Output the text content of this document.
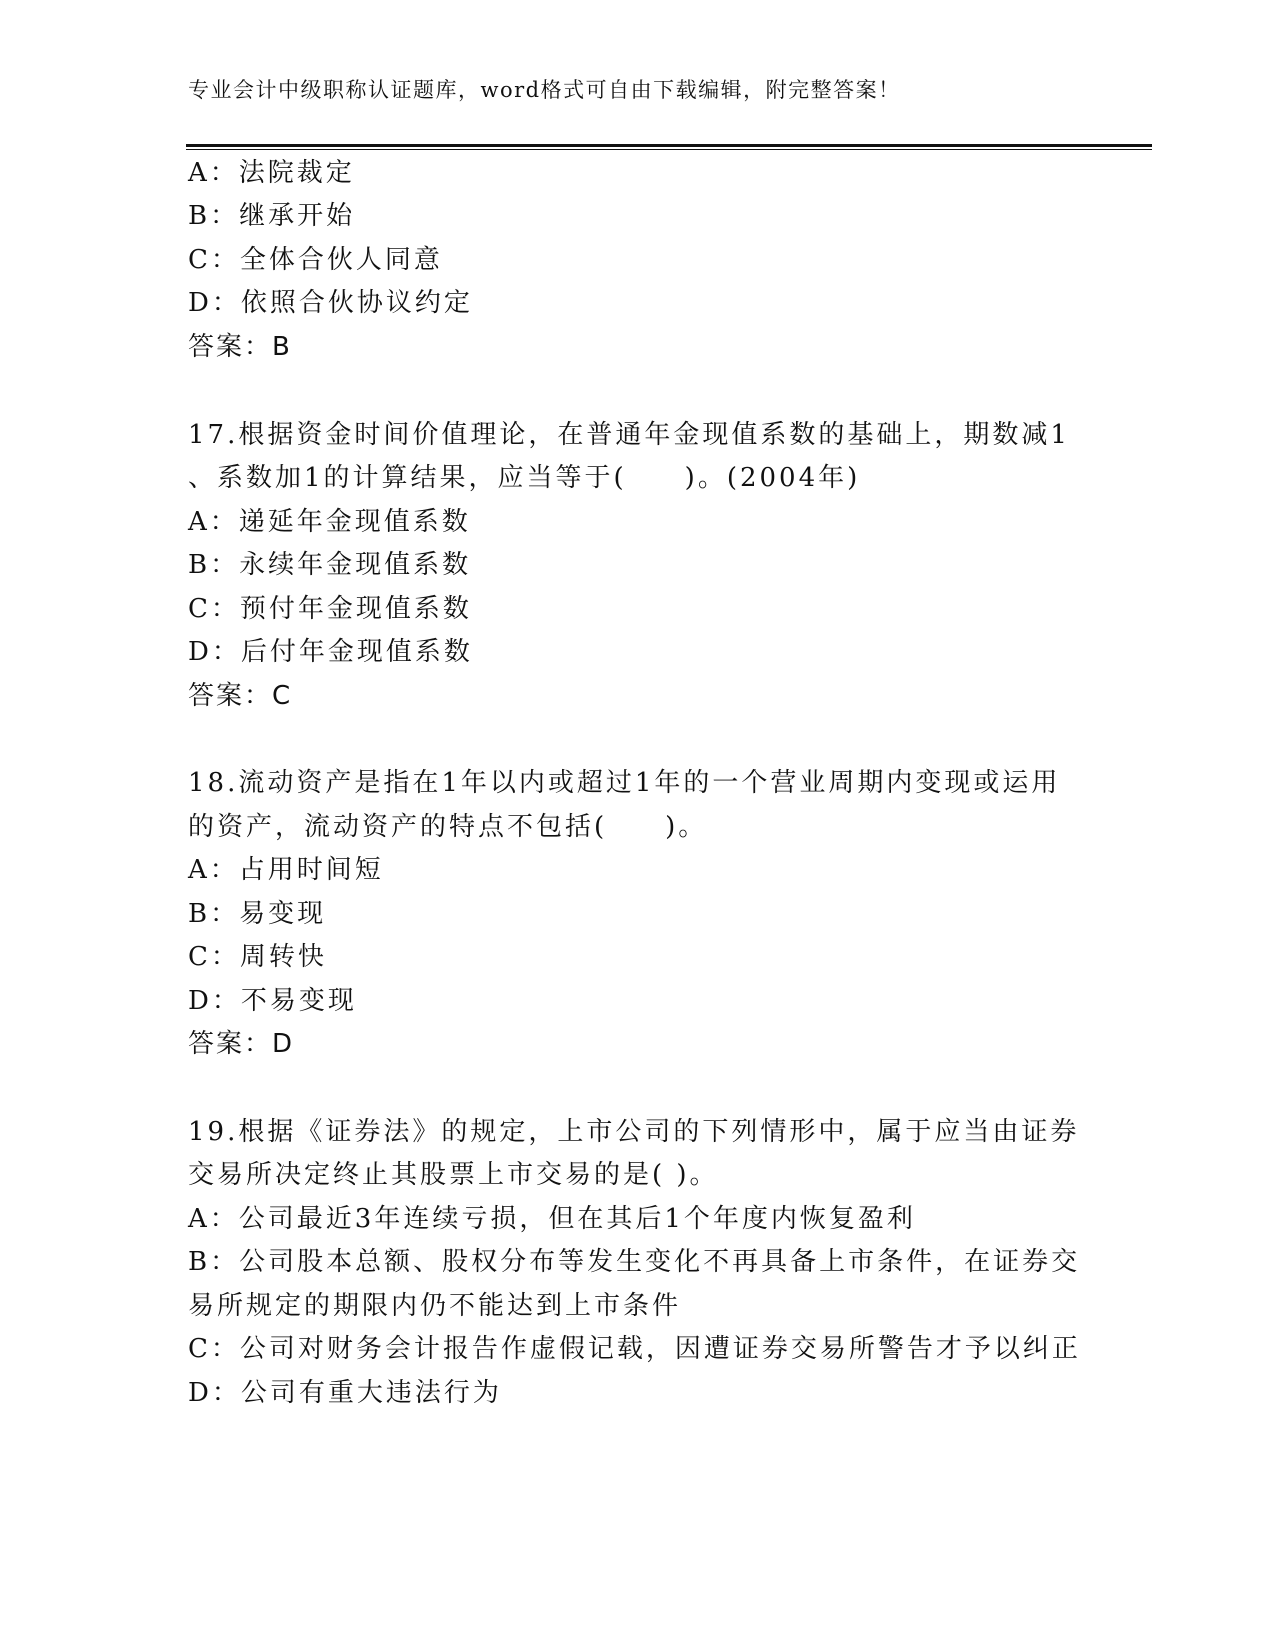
专业会计中级职称认证题库，word格式可自由下载编辑，附完整答案！
A：法院裁定
B：继承开始
C：全体合伙人同意
D：依照合伙协议约定
答案：B
17.根据资金时间价值理论，在普通年金现值系数的基础上，期数减1
、系数加1的计算结果，应当等于(　　)。(2004年)
A：递延年金现值系数
B：永续年金现值系数
C：预付年金现值系数
D：后付年金现值系数
答案：C
18.流动资产是指在1年以内或超过1年的一个营业周期内变现或运用
的资产，流动资产的特点不包括(　　)。
A：占用时间短
B：易变现
C：周转快
D：不易变现
答案：D
19.根据《证券法》的规定，上市公司的下列情形中，属于应当由证券
交易所决定终止其股票上市交易的是( )。
A：公司最近3年连续亏损，但在其后1个年度内恢复盈利
B：公司股本总额、股权分布等发生变化不再具备上市条件，在证券交
易所规定的期限内仍不能达到上市条件
C：公司对财务会计报告作虚假记载，因遭证券交易所警告才予以纠正
D：公司有重大违法行为
